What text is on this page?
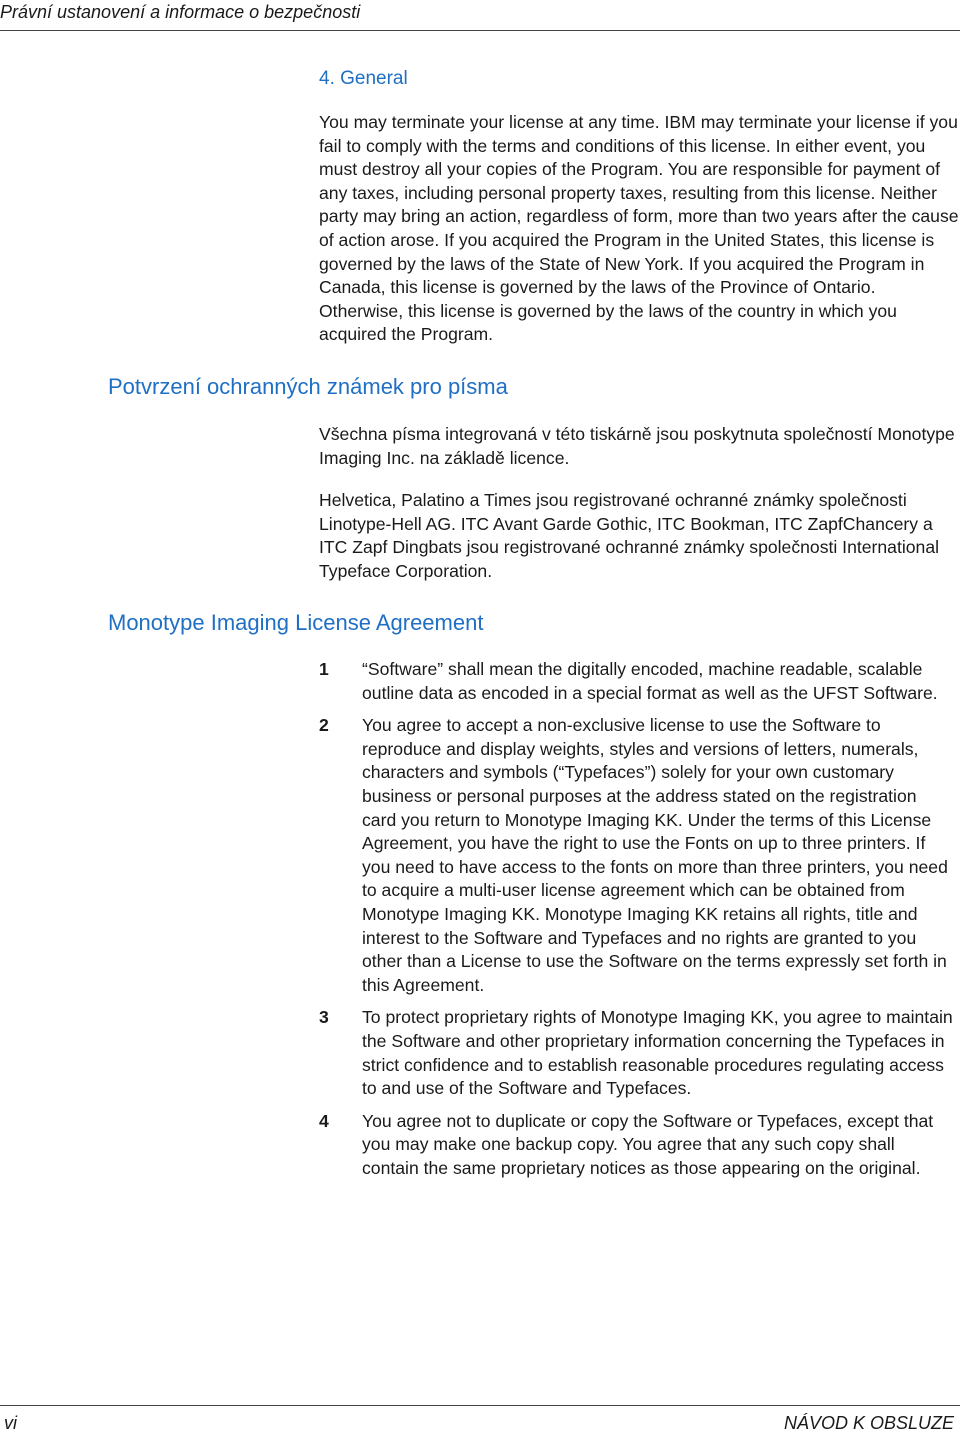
Právní ustanovení a informace o bezpečnosti
4. General

You may terminate your license at any time. IBM may terminate your license if you fail to comply with the terms and conditions of this license. In either event, you must destroy all your copies of the Program. You are responsible for payment of any taxes, including personal property taxes, resulting from this license. Neither party may bring an action, regardless of form, more than two years after the cause of action arose. If you acquired the Program in the United States, this license is governed by the laws of the State of New York. If you acquired the Program in Canada, this license is governed by the laws of the Province of Ontario. Otherwise, this license is governed by the laws of the country in which you acquired the Program.

Potvrzení ochranných známek pro písma

Všechna písma integrovaná v této tiskárně jsou poskytnuta společností Monotype Imaging Inc. na základě licence.

Helvetica, Palatino a Times jsou registrované ochranné známky společnosti Linotype-Hell AG. ITC Avant Garde Gothic, ITC Bookman, ITC ZapfChancery a ITC Zapf Dingbats jsou registrované ochranné známky společnosti International Typeface Corporation.

Monotype Imaging License Agreement
1	“Software” shall mean the digitally encoded, machine readable, scalable outline data as encoded in a special format as well as the UFST Software.
2	You agree to accept a non-exclusive license to use the Software to reproduce and display weights, styles and versions of letters, numerals, characters and symbols (“Typefaces”) solely for your own customary business or personal purposes at the address stated on the registration card you return to Monotype Imaging KK. Under the terms of this License Agreement, you have the right to use the Fonts on up to three printers. If you need to have access to the fonts on more than three printers, you need to acquire a multi-user license agreement which can be obtained from Monotype Imaging KK. Monotype Imaging KK retains all rights, title and interest to the Software and Typefaces and no rights are granted to you other than a License to use the Software on the terms expressly set forth in this Agreement.
3	To protect proprietary rights of Monotype Imaging KK, you agree to maintain the Software and other proprietary information concerning the Typefaces in strict confidence and to establish reasonable procedures regulating access to and use of the Software and Typefaces.
4	You agree not to duplicate or copy the Software or Typefaces, except that you may make one backup copy. You agree that any such copy shall contain the same proprietary notices as those appearing on the original.
vi	NÁVOD K OBSLUZE
